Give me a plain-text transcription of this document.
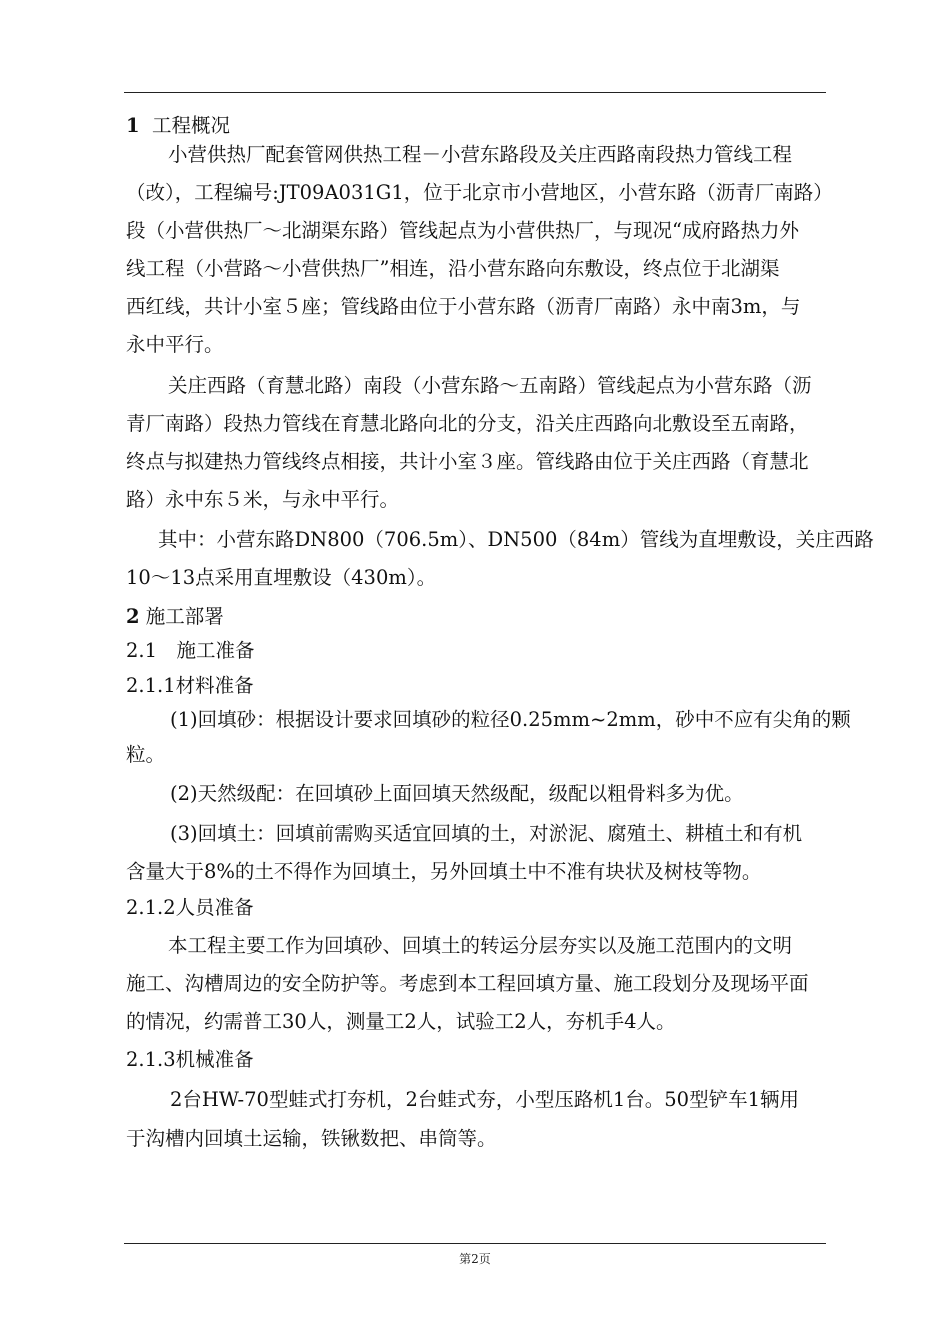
1 工程概况
小营供热厂配套管网供热工程－小营东路段及关庄西路南段热力管线工程
（改），工程编号:JT09A031G1，位于北京市小营地区，小营东路（沥青厂南路）
段（小营供热厂～北湖渠东路）管线起点为小营供热厂，与现况“成府路热力外
线工程（小营路～小营供热厂”相连，沿小营东路向东敷设，终点位于北湖渠
西红线，共计小室５座；管线路由位于小营东路（沥青厂南路）永中南3m，与
永中平行。
关庄西路（育慧北路）南段（小营东路～五南路）管线起点为小营东路（沥
青厂南路）段热力管线在育慧北路向北的分支，沿关庄西路向北敷设至五南路，
终点与拟建热力管线终点相接，共计小室３座。管线路由位于关庄西路（育慧北
路）永中东５米，与永中平行。
其中：小营东路DN800（706.5m）、DN500（84m）管线为直埋敷设，关庄西路
10～13点采用直埋敷设（430m）。
2 施工部署
2.1　施工准备
2.1.1材料准备
(1)回填砂：根据设计要求回填砂的粒径0.25mm~2mm，砂中不应有尖角的颗
粒。
(2)天然级配：在回填砂上面回填天然级配，级配以粗骨料多为优。
(3)回填土：回填前需购买适宜回填的土，对淤泥、腐殖土、耕植土和有机
含量大于8%的土不得作为回填土，另外回填土中不准有块状及树枝等物。
2.1.2人员准备
本工程主要工作为回填砂、回填土的转运分层夯实以及施工范围内的文明
施工、沟槽周边的安全防护等。考虑到本工程回填方量、施工段划分及现场平面
的情况，约需普工30人，测量工2人，试验工2人，夯机手4人。
2.1.3机械准备
2台HW-70型蛙式打夯机，2台蛙式夯，小型压路机1台。50型铲车1辆用
于沟槽内回填土运输，铁锹数把、串筒等。
第2页
